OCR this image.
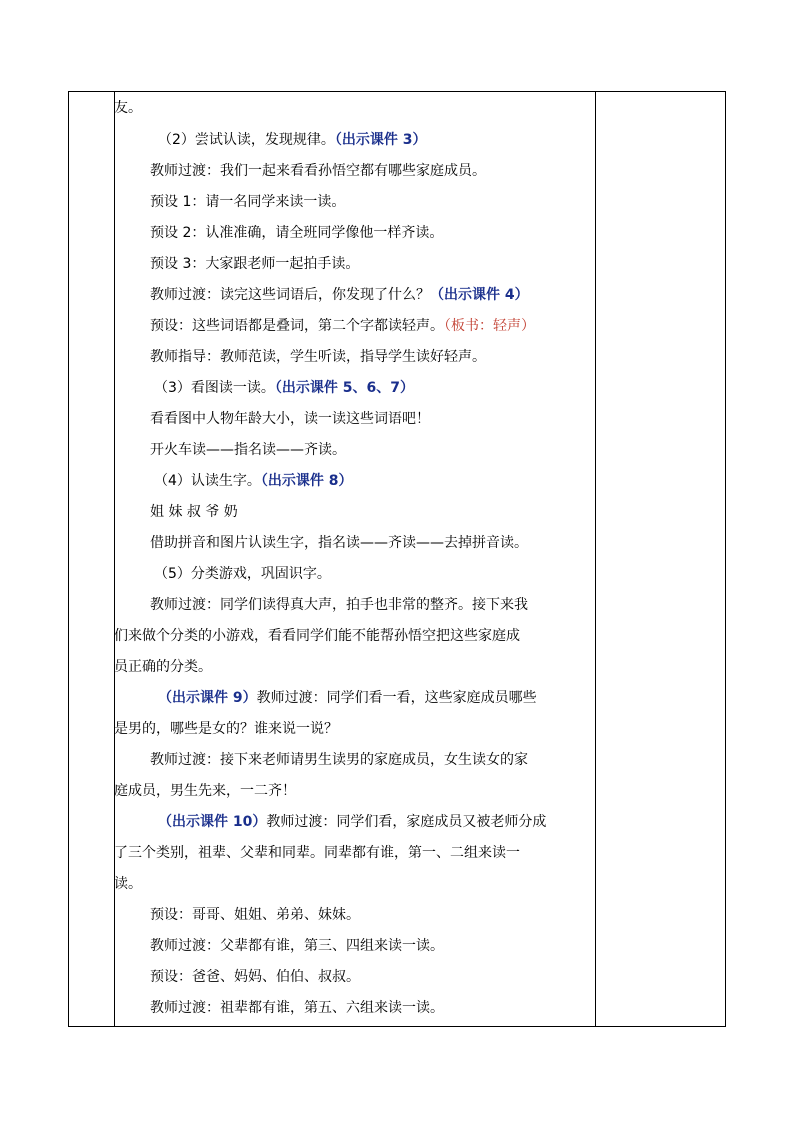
友。
（2）尝试认读，发现规律。（出示课件 3）
教师过渡：我们一起来看看孙悟空都有哪些家庭成员。
预设 1：请一名同学来读一读。
预设 2：认准准确，请全班同学像他一样齐读。
预设 3：大家跟老师一起拍手读。
教师过渡：读完这些词语后，你发现了什么？（出示课件 4）
预设：这些词语都是叠词，第二个字都读轻声。（板书：轻声）
教师指导：教师范读，学生听读，指导学生读好轻声。
（3）看图读一读。（出示课件 5、6、7）
看看图中人物年龄大小，读一读这些词语吧！
开火车读——指名读——齐读。
（4）认读生字。（出示课件 8）
姐 妹 叔 爷 奶
借助拼音和图片认读生字，指名读——齐读——去掉拼音读。
（5）分类游戏，巩固识字。
教师过渡：同学们读得真大声，拍手也非常的整齐。接下来我
们来做个分类的小游戏，看看同学们能不能帮孙悟空把这些家庭成
员正确的分类。
（出示课件 9）教师过渡：同学们看一看，这些家庭成员哪些
是男的，哪些是女的？谁来说一说？
教师过渡：接下来老师请男生读男的家庭成员，女生读女的家
庭成员，男生先来，一二齐！
（出示课件 10）教师过渡：同学们看，家庭成员又被老师分成
了三个类别，祖辈、父辈和同辈。同辈都有谁，第一、二组来读一
读。
预设：哥哥、姐姐、弟弟、妹妹。
教师过渡：父辈都有谁，第三、四组来读一读。
预设：爸爸、妈妈、伯伯、叔叔。
教师过渡：祖辈都有谁，第五、六组来读一读。
